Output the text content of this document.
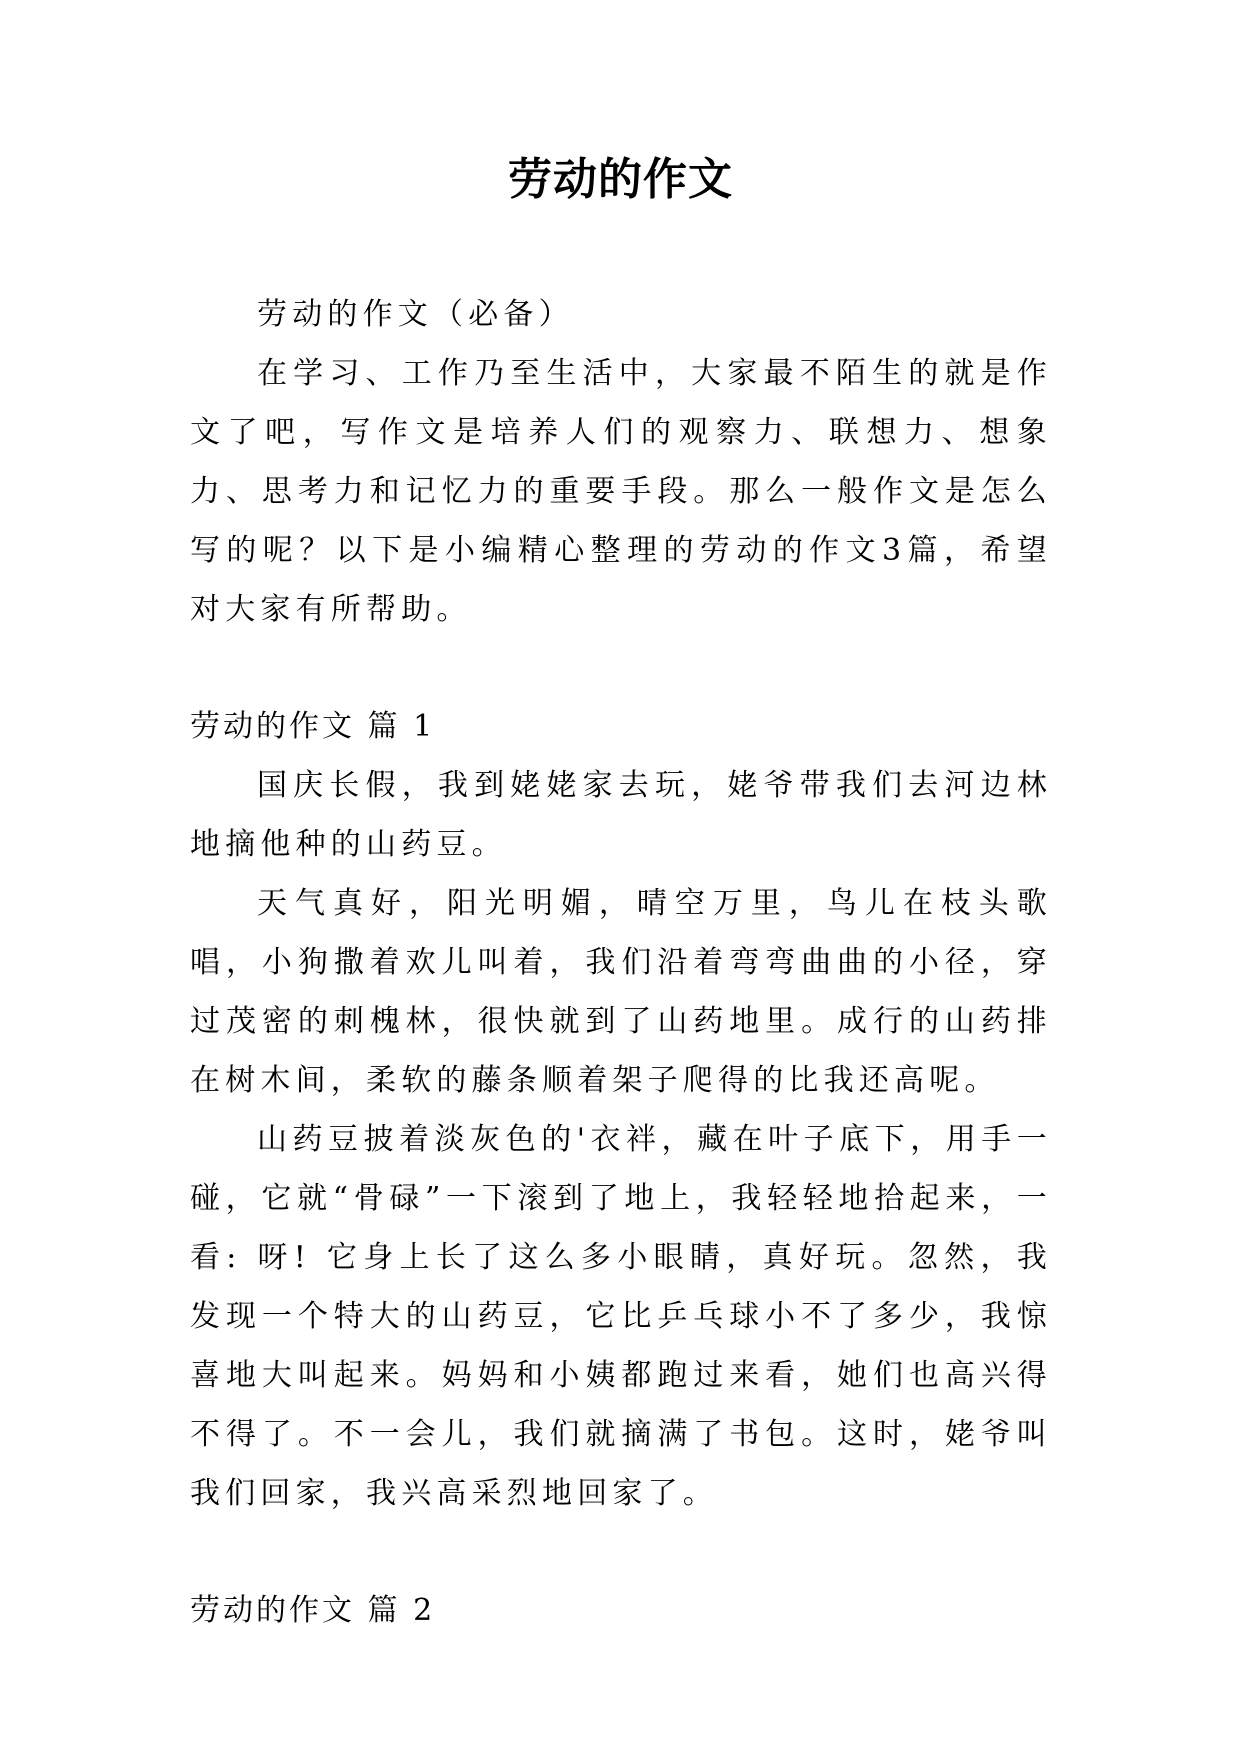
劳动的作文

劳动的作文（必备）

在学习、工作乃至生活中，大家最不陌生的就是作文了吧，写作文是培养人们的观察力、联想力、想象力、思考力和记忆力的重要手段。那么一般作文是怎么写的呢？以下是小编精心整理的劳动的作文3篇，希望对大家有所帮助。

劳动的作文 篇 1

国庆长假，我到姥姥家去玩，姥爷带我们去河边林地摘他种的山药豆。

天气真好，阳光明媚，晴空万里，鸟儿在枝头歌唱，小狗撒着欢儿叫着，我们沿着弯弯曲曲的小径，穿过茂密的刺槐林，很快就到了山药地里。成行的山药排在树木间，柔软的藤条顺着架子爬得的比我还高呢。

山药豆披着淡灰色的'衣袢，藏在叶子底下，用手一碰，它就“骨碌”一下滚到了地上，我轻轻地拾起来，一看: 呀! 它身上长了这么多小眼睛，真好玩。忽然，我发现一个特大的山药豆，它比乒乓球小不了多少，我惊喜地大叫起来。妈妈和小姨都跑过来看，她们也高兴得不得了。不一会儿，我们就摘满了书包。这时，姥爷叫我们回家，我兴高采烈地回家了。

劳动的作文 篇 2
